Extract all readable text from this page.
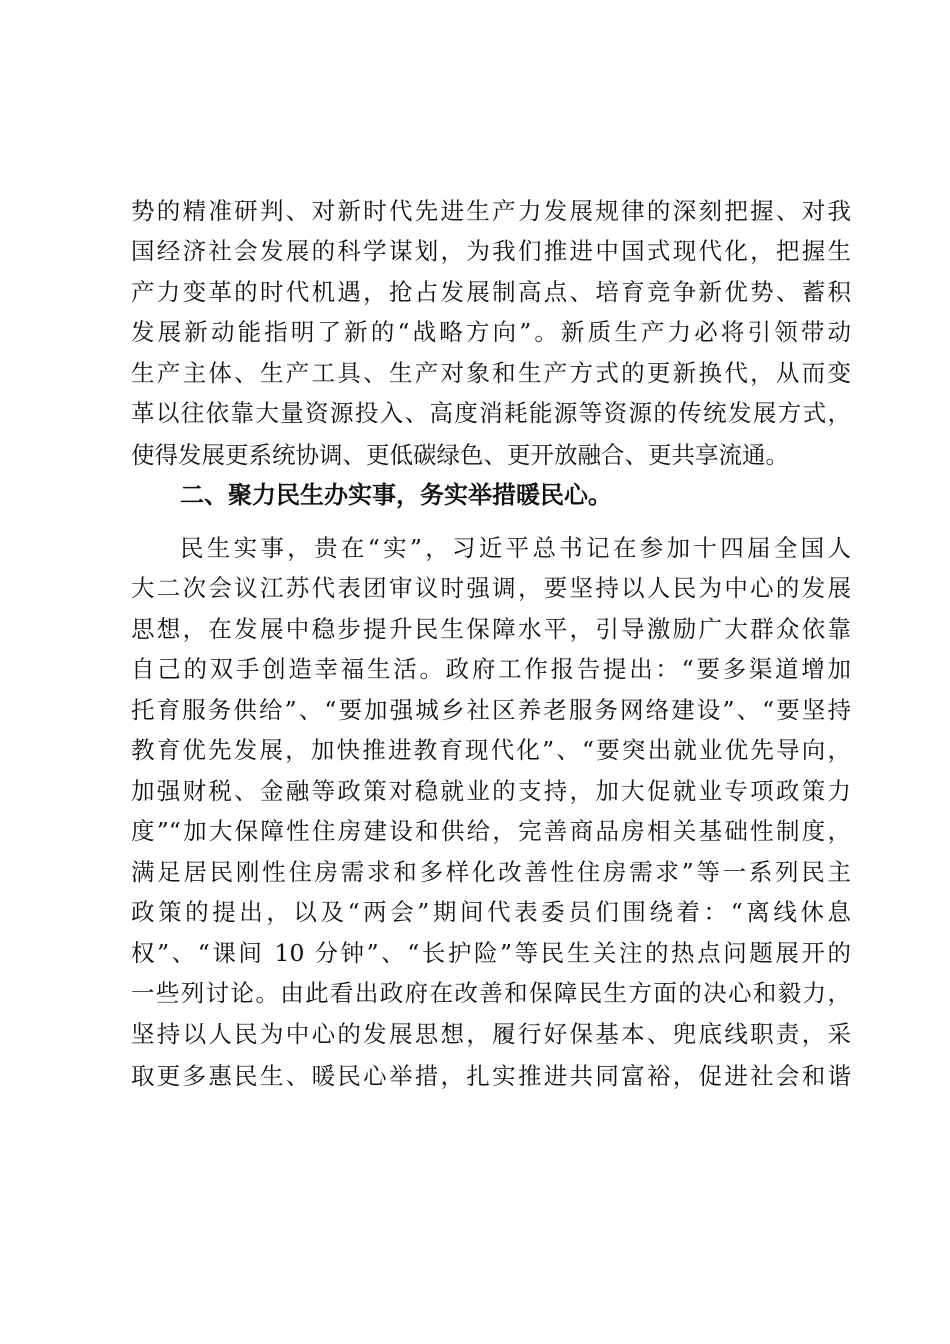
势的精准研判、对新时代先进生产力发展规律的深刻把握、对我
国经济社会发展的科学谋划，为我们推进中国式现代化，把握生
产力变革的时代机遇，抢占发展制高点、培育竞争新优势、蓄积
发展新动能指明了新的“战略方向”。新质生产力必将引领带动
生产主体、生产工具、生产对象和生产方式的更新换代，从而变
革以往依靠大量资源投入、高度消耗能源等资源的传统发展方式，
使得发展更系统协调、更低碳绿色、更开放融合、更共享流通。
二、聚力民生办实事，务实举措暖民心。
民生实事，贵在“实”，习近平总书记在参加十四届全国人
大二次会议江苏代表团审议时强调，要坚持以人民为中心的发展
思想，在发展中稳步提升民生保障水平，引导激励广大群众依靠
自己的双手创造幸福生活。政府工作报告提出：“要多渠道增加
托育服务供给”、“要加强城乡社区养老服务网络建设”、“要坚持
教育优先发展，加快推进教育现代化”、“要突出就业优先导向，
加强财税、金融等政策对稳就业的支持，加大促就业专项政策力
度”“加大保障性住房建设和供给，完善商品房相关基础性制度，
满足居民刚性住房需求和多样化改善性住房需求”等一系列民主
政策的提出，以及“两会”期间代表委员们围绕着：“离线休息
权”、“课间 10 分钟”、“长护险”等民生关注的热点问题展开的
一些列讨论。由此看出政府在改善和保障民生方面的决心和毅力，
坚持以人民为中心的发展思想，履行好保基本、兜底线职责，采
取更多惠民生、暖民心举措，扎实推进共同富裕，促进社会和谐
